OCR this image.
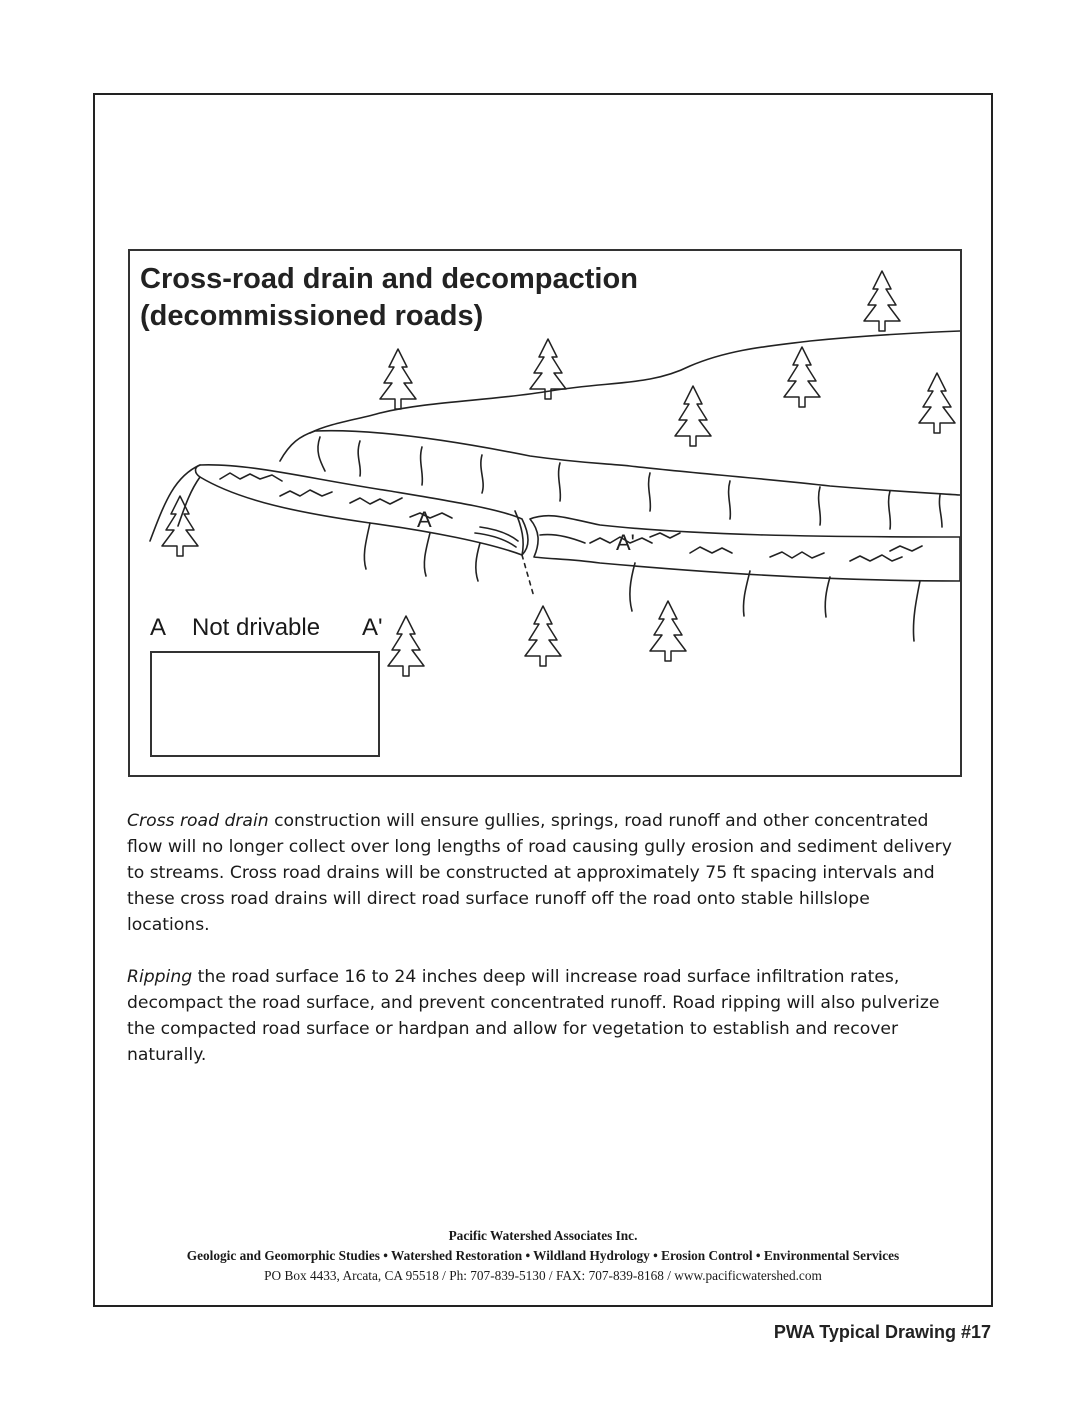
Cross-road drain and decompaction
(decommissioned roads)
A
A'
A Not drivable A'

Cross road drain construction will ensure gullies, springs, road runoff and other concentrated flow will no longer collect over long lengths of road causing gully erosion and sediment delivery to streams. Cross road drains will be constructed at approximately 75 ft spacing intervals and these cross road drains will direct road surface runoff off the road onto stable hillslope locations.

Ripping the road surface 16 to 24 inches deep will increase road surface infiltration rates, decompact the road surface, and prevent concentrated runoff. Road ripping will also pulverize the compacted road surface or hardpan and allow for vegetation to establish and recover naturally.

Pacific Watershed Associates Inc.
Geologic and Geomorphic Studies • Watershed Restoration • Wildland Hydrology • Erosion Control • Environmental Services
PO Box 4433, Arcata, CA 95518 / Ph: 707-839-5130 / FAX: 707-839-8168 / www.pacificwatershed.com
PWA Typical Drawing #17
